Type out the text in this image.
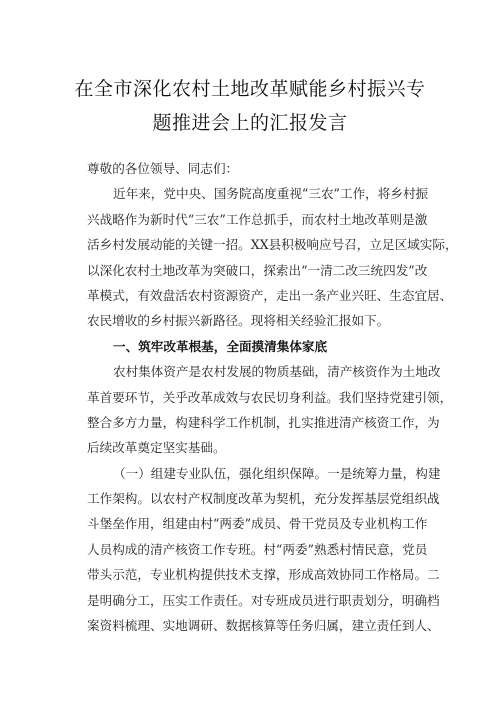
在全市深化农村土地改革赋能乡村振兴专
题推进会上的汇报发言
尊敬的各位领导、同志们：
近年来，党中央、国务院高度重视“三农”工作，将乡村振
兴战略作为新时代“三农”工作总抓手，而农村土地改革则是激
活乡村发展动能的关键一招。XX县积极响应号召，立足区域实际，
以深化农村土地改革为突破口，探索出“一清二改三统四发”改
革模式，有效盘活农村资源资产，走出一条产业兴旺、生态宜居、
农民增收的乡村振兴新路径。现将相关经验汇报如下。
一、筑牢改革根基，全面摸清集体家底
农村集体资产是农村发展的物质基础，清产核资作为土地改
革首要环节，关乎改革成效与农民切身利益。我们坚持党建引领，
整合多方力量，构建科学工作机制，扎实推进清产核资工作，为
后续改革奠定坚实基础。
（一）组建专业队伍，强化组织保障。一是统筹力量，构建
工作架构。以农村产权制度改革为契机，充分发挥基层党组织战
斗堡垒作用，组建由村“两委”成员、骨干党员及专业机构工作
人员构成的清产核资工作专班。村“两委”熟悉村情民意，党员
带头示范，专业机构提供技术支撑，形成高效协同工作格局。二
是明确分工，压实工作责任。对专班成员进行职责划分，明确档
案资料梳理、实地调研、数据核算等任务归属，建立责任到人、
